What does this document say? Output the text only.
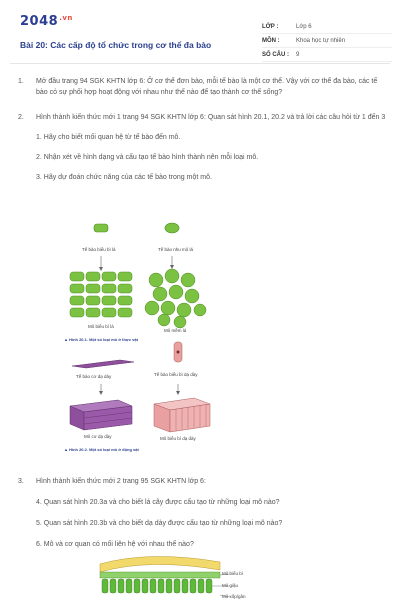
$2048^{.vn}$
Bài 20: Các cấp độ tổ chức trong cơ thể đa bào
LỚP :	Lớp 6
MÔN :	Khoa học tự nhiên
SỐ CÂU :	9
1. Mở đầu trang 94 SGK KHTN lớp 6: Ở cơ thể đơn bào, mỗi tế bào là một cơ thể. Vậy với cơ thể đa bào, các tế bào có sự phối hợp hoạt động với nhau như thế nào để tạo thành cơ thể sống?
2. Hình thành kiến thức mới 1 trang 94 SGK KHTN lớp 6: Quan sát hình 20.1, 20.2 và trả lời các câu hỏi từ 1 đến 3
1. Hãy cho biết mối quan hệ từ tế bào đến mô.
2. Nhận xét về hình dạng và cấu tạo tế bào hình thành nên mỗi loại mô.
3. Hãy dự đoán chức năng của các tế bào trong một mô.
Tế bào biểu bì lá	Tế bào nhu mô lá
Mô biểu bì lá
Mô mềm lá
▲ Hình 20.1. Một số loại mô ở thực vật
Tế bào cơ dạ dày	Tế bào biểu bì dạ dày
Mô cơ dạ dày	Mô biểu bì dạ dày
▲ Hình 20.2. Một số loại mô ở động vật
3. Hình thành kiến thức mới 2 trang 95 SGK KHTN lớp 6:
4. Quan sát hình 20.3a và cho biết lá cây được cấu tạo từ những loại mô nào?
5. Quan sát hình 20.3b và cho biết dạ dày được cấu tạo từ những loại mô nào?
6. Mô và cơ quan có mối liên hệ với nhau thế nào?
Mô biểu bì
Mô giậu
Mô xốp/gân
